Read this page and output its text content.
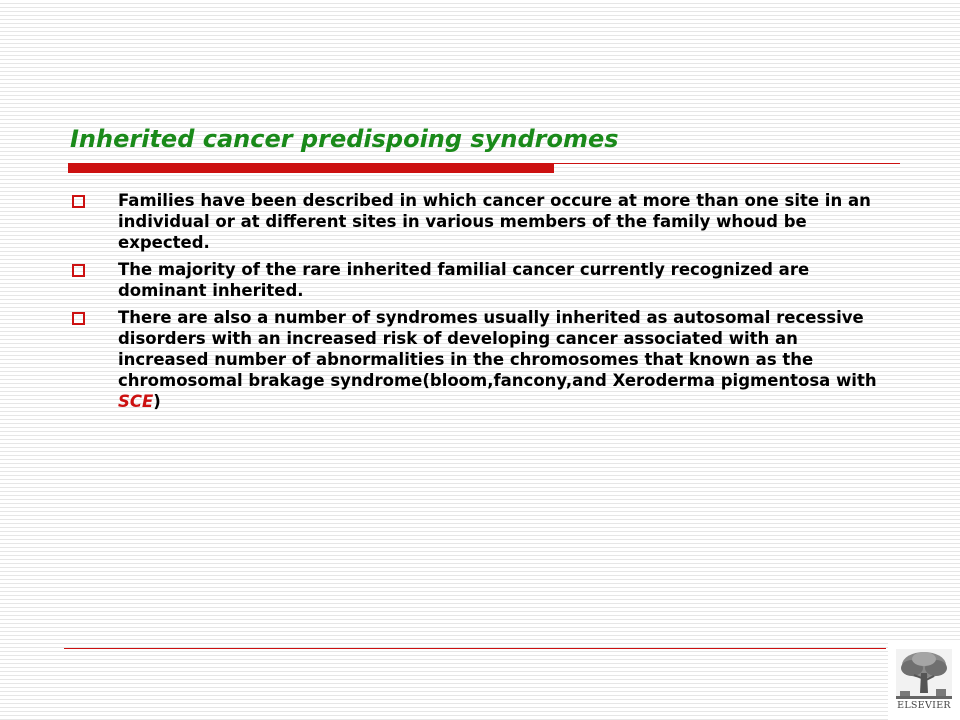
Inherited cancer predispoing syndromes
Families have been described in which cancer occure at more than one site in an individual or at different sites in various members of the family whoud be expected.
The majority of the rare inherited familial cancer currently recognized are dominant inherited.
There are also a number of syndromes usually inherited as autosomal recessive disorders with an increased risk of developing cancer associated with an increased number of abnormalities in the chromosomes that known as the chromosomal brakage syndrome(bloom,fancony,and Xeroderma pigmentosa with SCE)
ELSEVIER
